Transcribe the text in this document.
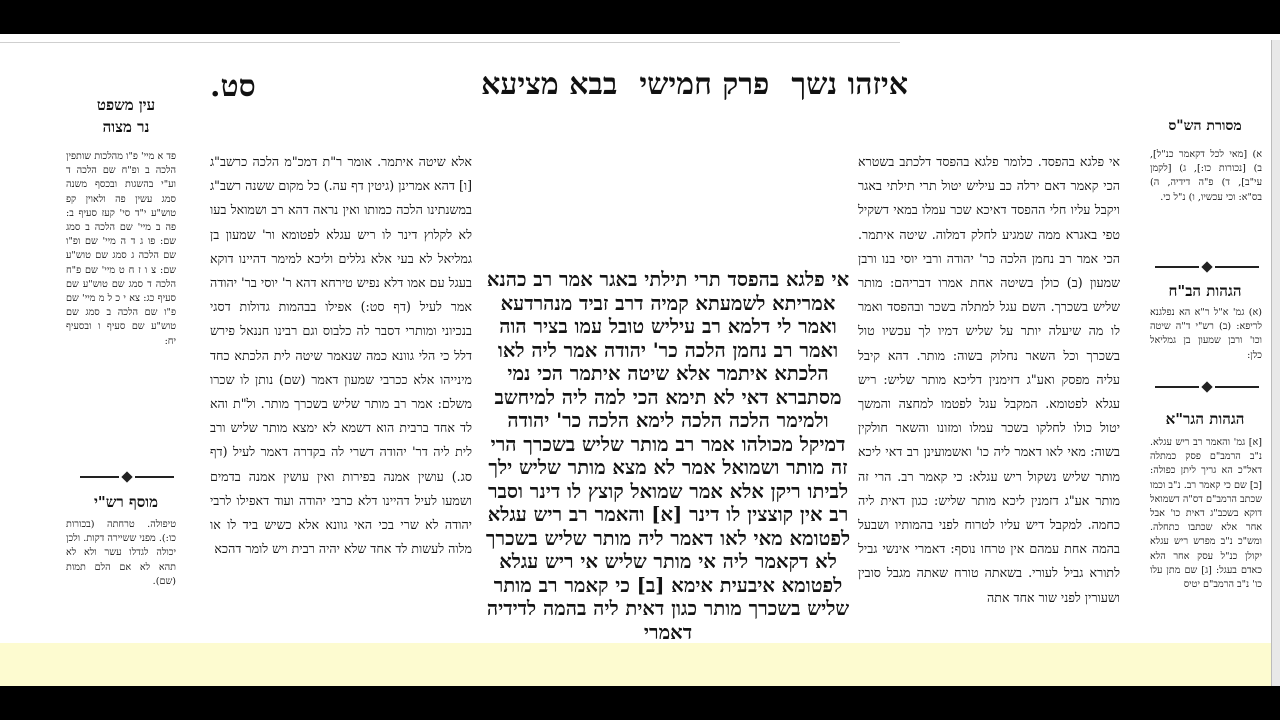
איזהו נשךפרק חמישיבבא מציעא
סט.
מסורת הש"ס
א) [מאי לכל דקאמר כנ"ל], ב) [נכורות כו:], ג) [לקמן עי"ב], ד) פ"ה דידיה, ה) בס"א: וכי עכשיו, ו) נ"ל כי.
הגהות הב"ח
(א) גמ' א"ל ר"א הא נפלגנא לריפא: (ב) רש"י ד"ה שיטה וכו' ורבן שמעון בן גמליאל כלן:
הגהות הגר"א
[א] גמ' והאמר רב ריש עגלא. נ"ב הרמב"ם פסק כמתלה דאל"כ הא גריך ליתן כפולה: [ב] שם כי קאמר רב. נ"ב וכמו שכתב הרמב"ם דס"ה דשמואל דוקא בשכב"ג דאית כו' אבל אחר אלא שכתבו כתחלה. ומש"כ נ"ב מפרש ריש עגלא יקולן כנ"ל עסק אחר הלא כאדם בעגל: [ג] שם מתן עלו כו' נ"ב הרמב"ם יטיס
עין משפט
נר מצוה
פד א מיי' פ"ו מהלכות שותפין הלכה ב ופ"ח שם הלכה ד וע"י בהשגות ובכסף משנה סמג עשין פה ולאוין קפ טוש"ע י"ד סי' קעז סעיף ב: פה ב מיי' שם הלכה ב סמג שם: פו ג ד ה מיי' שם ופ"ו שם הלכה ג סמג שם טוש"ע שם: צ ו ז ח ט מיי' שם פ"ח הלכה ד סמג שם טוש"ע שם סעיף כג: צא י כ ל מ מיי' שם פ"ו שם הלכה ב סמג שם טוש"ע שם סעיף ו ובסעיף יח:
מוסף רש"י
טיפולה. טרחתה (בכורות כו:). מפני ששיירה דקות. ולכן יכולה לגדלו עשר ולא לא תהא לא אם הלם תמות (שם).
אי פלגא בהפסד. כלומר פלגא בהפסד דלכתב בשטרא הכי קאמר דאם ירלה כב עיליש יטול תרי תילתי באגר ויקבל עליו חלי ההפסד דאיכא שכר עמלו במאי דשקיל טפי באגרא ממה שמגיע לחלק דמלוה. שיטה איתמר. הכי אמר רב נחמן הלכה כר' יהודה ורבי יוסי בנו ורבן שמעון (ב) כולן בשיטה אחת אמרו דבריהם: מותר שליש בשכרך. השם עגל למתלה בשכר ובהפסד ואמר לו מה שיעלה יותר על שליש דמיו לך עכשיו טול בשכרך וכל השאר נחלוק בשוה: מותר. דהא קיבל עליה מפסק ואע"ג דזימנין דליכא מותר שליש: ריש עגלא לפטומא. המקבל עגל לפטמו למחצה והמשך יטול כולו לחלקו בשכר עמלו ומזונו והשאר חולקין בשוה: מאי לאו דאמר ליה כו' ואשמועינן רב דאי ליכא מותר שליש נשקול ריש עגלא: כי קאמר רב. הרי זה מותר אע"ג דזמנין ליכא מותר שליש: כגון דאית ליה כחמה. למקבל דיש עליו לטרוח לפני בהמותיו ושבעל בהמה אחת עמהם אין טרחו נוסף: דאמרי אינשי גביל לתורא גביל לעורי. בשאתה טורח שאתה מגבל סובין ושעורין לפני שור אחד אתה
אלא שיטה איתמר. אומר ר"ת דמכ"מ הלכה כרשב"ג [ו] דהא אמרינן (גיטין דף עה.) כל מקום ששנה רשב"ג במשנתינו הלכה כמותו ואין נראה דהא רב ושמואל בעו לא לקלוץ דינר לו ריש עגלא לפטומא ור' שמעון בן גמליאל לא בעי אלא גללים וליכא למימר דהיינו דוקא בעגל עם אמו דלא נפיש טירחא דהא ר' יוסי בר' יהודה אמר לעיל (דף סט:) אפילו בבהמות גדולות דסגי בנכיוני ומותרי דסבר לה כלבוס וגם רבינו חננאל פירש דלל כי הלי גוונא כמה שנאמר שיטה לית הלכתא כחד מינייהו אלא ככרבי שמעון דאמר (שם) נותן לו שכרו משלם: אמר רב מותר שליש בשכרך מותר. ול"ת והא לד אחד ברבית הוא דשמא לא ימצא מותר שליש ורב לית ליה דר' יהודה דשרי לה בקדרה דאמר לעיל (דף סג.) עושין אמנה בפירות ואין עושין אמנה בדמים ושמעו לעיל דהיינו דלא כרבי יהודה ועוד דאפילו לרבי יהודה לא שרי בכי האי גוונא אלא כשיש ביד לו או מלוה לעשות לד אחד שלא יהיה רבית ויש לומר דהכא
אי פלגא בהפסד תרי תילתי באגר אמר רב כהנא אמריתא לשמעתא קמיה דרב זביד מנהרדעא ואמר לי דלמא רב עיליש טובל עמו בציר הוה ואמר רב נחמן הלכה כר' יהודה אמר ליה לאו הלכתא איתמר אלא שיטה איתמר הכי נמי מסתברא דאי לא תימא הכי למה ליה למיחשב ולמימר הלכה הלכה לימא הלכה כר' יהודה דמיקל מכולהו אמר רב מותר שליש בשכרך הרי זה מותר ושמואל אמר לא מצא מותר שליש ילך לביתו ריקן אלא אמר שמואל קוצץ לו דינר וסבר רב אין קוצצין לו דינר [א] והאמר רב ריש עגלא לפטומא מאי לאו דאמר ליה מותר שליש בשכרך לא דקאמר ליה אי מותר שליש אי ריש עגלא לפטומא איבעית אימא [ב] כי קאמר רב מותר שליש בשכרך מותר כגון דאית ליה בהמה לדידיה דאמרי
